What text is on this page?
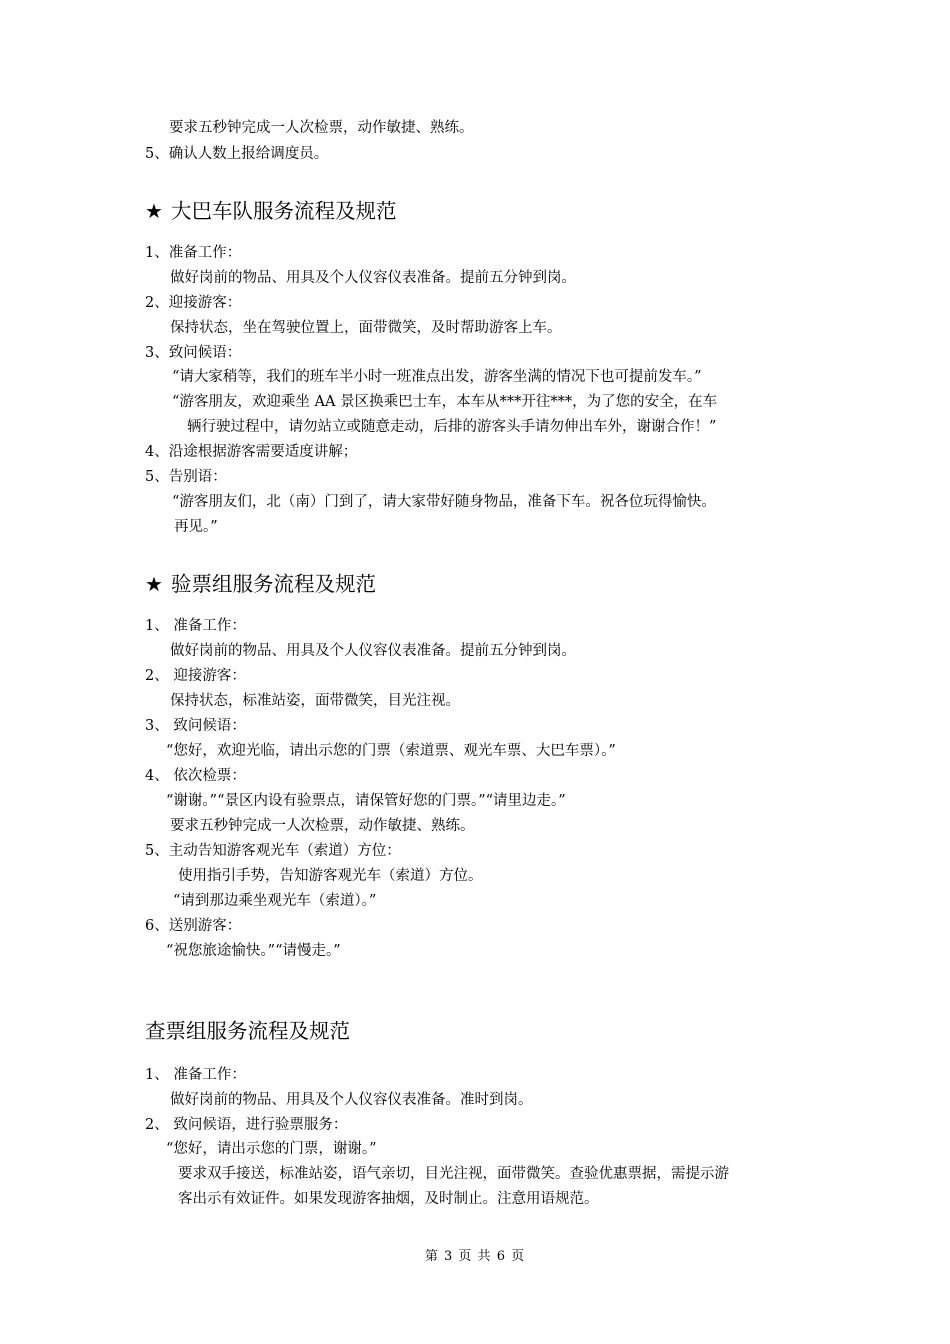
要求五秒钟完成一人次检票，动作敏捷、熟练。
5、确认人数上报给调度员。
★ 大巴车队服务流程及规范
1、准备工作：
做好岗前的物品、用具及个人仪容仪表准备。提前五分钟到岗。
2、迎接游客：
保持状态，坐在驾驶位置上，面带微笑，及时帮助游客上车。
3、致问候语：
“请大家稍等，我们的班车半小时一班准点出发，游客坐满的情况下也可提前发车。”
“游客朋友，欢迎乘坐 AA 景区换乘巴士车，本车从***开往***，为了您的安全，在车
辆行驶过程中，请勿站立或随意走动，后排的游客头手请勿伸出车外，谢谢合作！”
4、沿途根据游客需要适度讲解；
5、告别语：
“游客朋友们，北（南）门到了，请大家带好随身物品，准备下车。祝各位玩得愉快。
再见。”
★ 验票组服务流程及规范
1、 准备工作：
做好岗前的物品、用具及个人仪容仪表准备。提前五分钟到岗。
2、 迎接游客：
保持状态，标准站姿，面带微笑，目光注视。
3、 致问候语：
“您好，欢迎光临，请出示您的门票（索道票、观光车票、大巴车票）。”
4、 依次检票：
“谢谢。”“景区内设有验票点，请保管好您的门票。”“请里边走。”
要求五秒钟完成一人次检票，动作敏捷、熟练。
5、主动告知游客观光车（索道）方位：
使用指引手势，告知游客观光车（索道）方位。
“请到那边乘坐观光车（索道）。”
6、送别游客：
“祝您旅途愉快。”“请慢走。”
查票组服务流程及规范
1、 准备工作：
做好岗前的物品、用具及个人仪容仪表准备。准时到岗。
2、 致问候语，进行验票服务：
“您好，请出示您的门票，谢谢。”
要求双手接送，标准站姿，语气亲切，目光注视，面带微笑。查验优惠票据，需提示游
客出示有效证件。如果发现游客抽烟，及时制止。注意用语规范。
第 3 页 共 6 页
